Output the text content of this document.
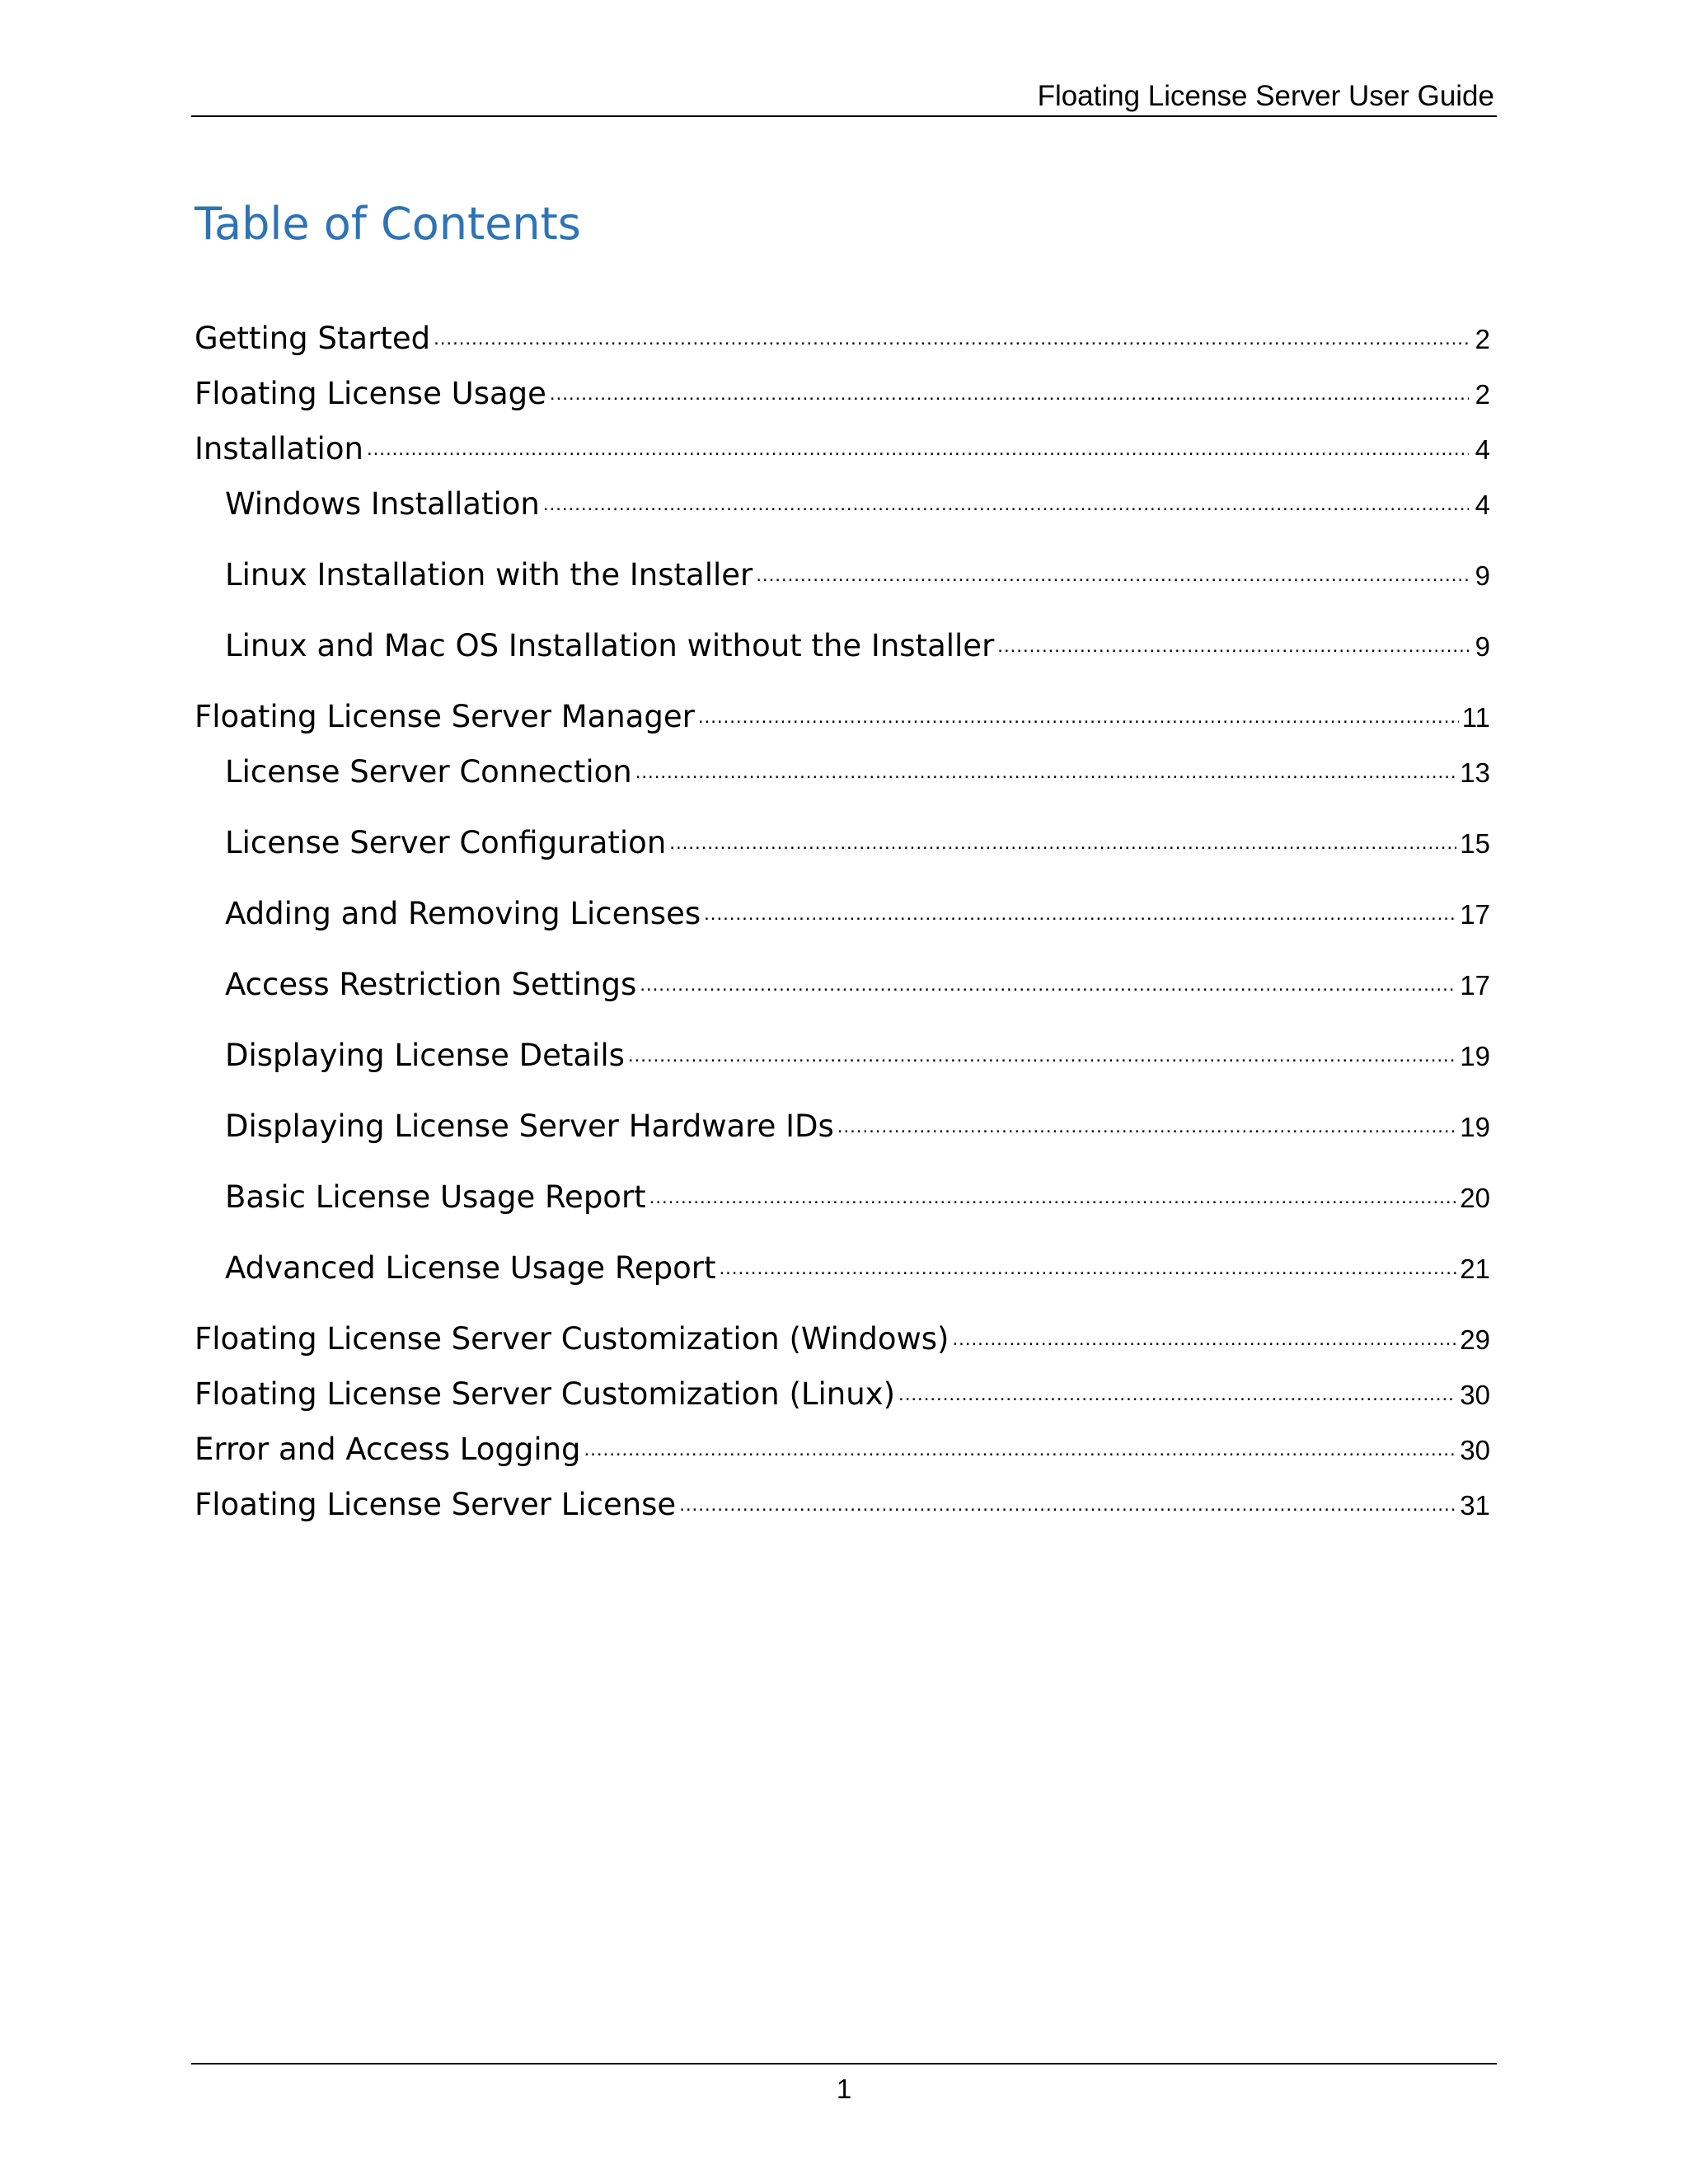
Floating License Server User Guide
Table of Contents
Getting Started .....	2
Floating License Usage .....	2
Installation .....	4
Windows Installation .....	4
Linux Installation with the Installer .....	9
Linux and Mac OS Installation without the Installer .....	9
Floating License Server Manager .....	11
License Server Connection .....	13
License Server Configuration .....	15
Adding and Removing Licenses .....	17
Access Restriction Settings .....	17
Displaying License Details .....	19
Displaying License Server Hardware IDs .....	19
Basic License Usage Report .....	20
Advanced License Usage Report .....	21
Floating License Server Customization (Windows) .....	29
Floating License Server Customization (Linux) .....	30
Error and Access Logging .....	30
Floating License Server License .....	31
1
